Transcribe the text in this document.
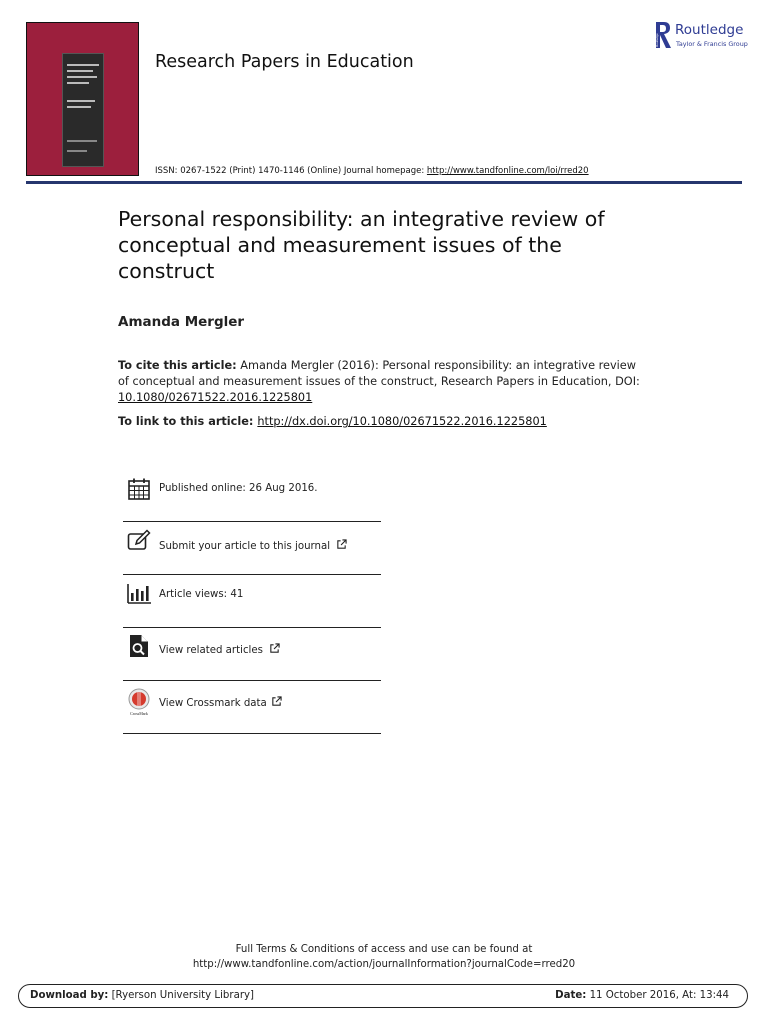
Research Papers in Education
ISSN: 0267-1522 (Print) 1470-1146 (Online) Journal homepage: http://www.tandfonline.com/loi/rred20
Routledge
Routledge
Taylor & Francis Group
Personal responsibility: an integrative review of conceptual and measurement issues of the construct
Amanda Mergler
To cite this article: Amanda Mergler (2016): Personal responsibility: an integrative review of conceptual and measurement issues of the construct, Research Papers in Education, DOI: 10.1080/02671522.2016.1225801
To link to this article: http://dx.doi.org/10.1080/02671522.2016.1225801
Published online: 26 Aug 2016.
Submit your article to this journal
Article views: 41
View related articles
CrossMark
View Crossmark data
Full Terms & Conditions of access and use can be found at
http://www.tandfonline.com/action/journalInformation?journalCode=rred20
Download by: [Ryerson University Library]	Date: 11 October 2016, At: 13:44
